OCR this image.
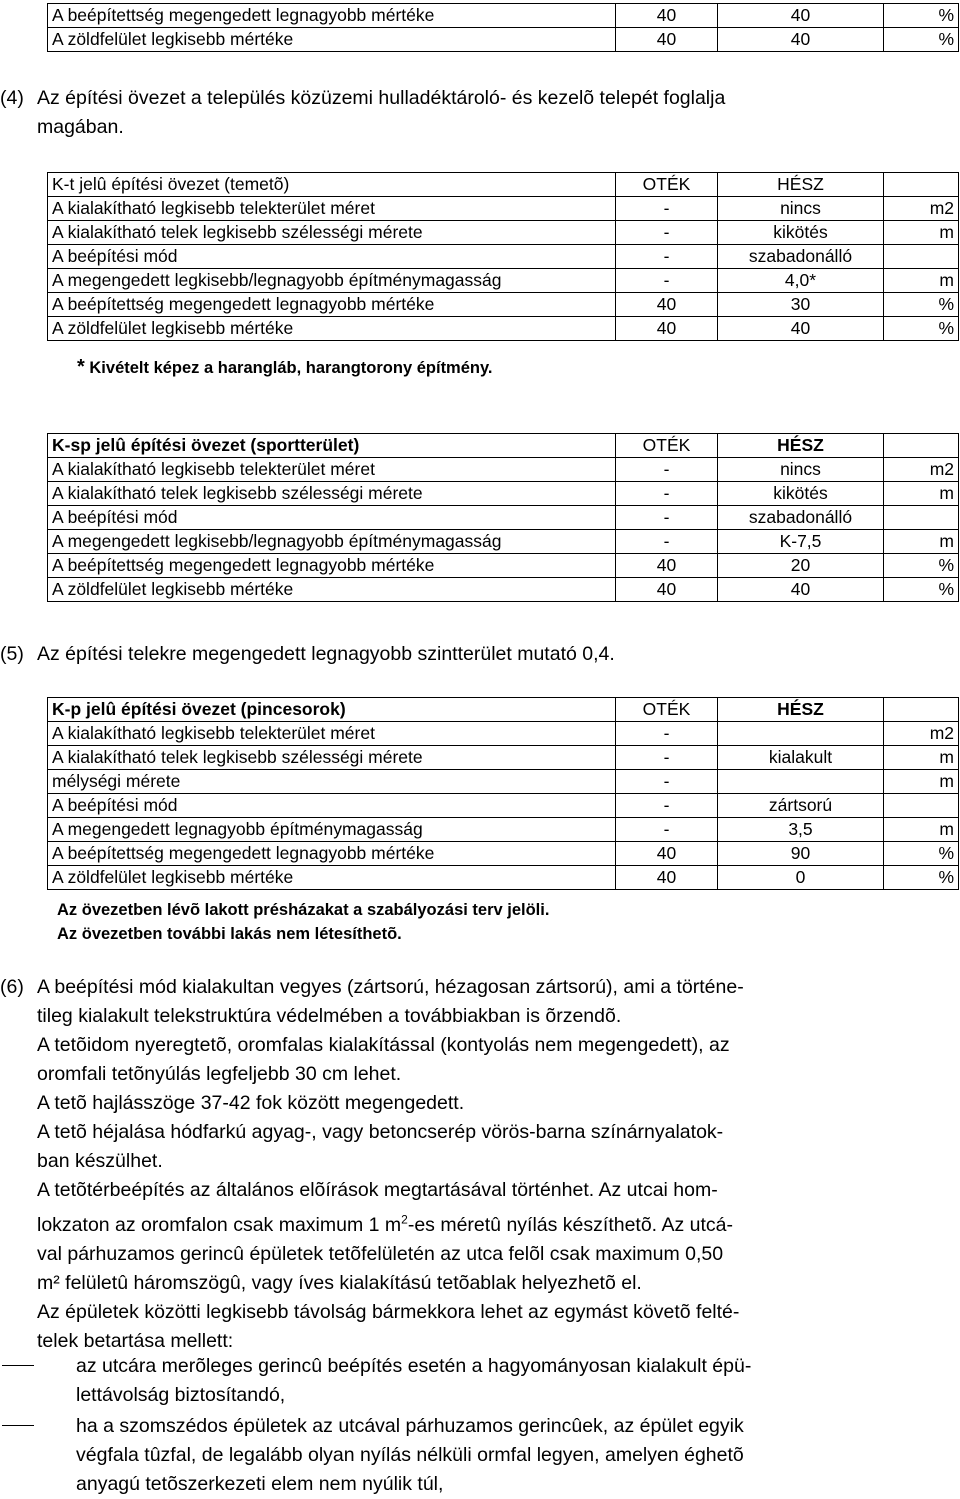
A beépítettség megengedett legnagyobb mértéke	40	40	%
A zöldfelület legkisebb mértéke	40	40	%
(4) Az építési övezet a település közüzemi hulladéktároló- és kezelõ telepét foglalja
magában.
K-t jelû építési övezet (temetõ)	OTÉK	HÉSZ	
A kialakítható legkisebb telekterület méret	-	nincs	m2
A kialakítható telek legkisebb szélességi mérete	-	kikötés	m
A beépítési mód	-	szabadonálló	
A megengedett legkisebb/legnagyobb építménymagasság	-	4,0*	m
A beépítettség megengedett legnagyobb mértéke	40	30	%
A zöldfelület legkisebb mértéke	40	40	%

* Kivételt képez a harangláb, harangtorony építmény.

K-sp jelû építési övezet (sportterület)	OTÉK	HÉSZ	
A kialakítható legkisebb telekterület méret	-	nincs	m2
A kialakítható telek legkisebb szélességi mérete	-	kikötés	m
A beépítési mód	-	szabadonálló	
A megengedett legkisebb/legnagyobb építménymagasság	-	K-7,5	m
A beépítettség megengedett legnagyobb mértéke	40	20	%
A zöldfelület legkisebb mértéke	40	40	%
(5) Az építési telekre megengedett legnagyobb szintterület mutató 0,4.
K-p jelû építési övezet (pincesorok)	OTÉK	HÉSZ	
A kialakítható legkisebb telekterület méret	-		m2
A kialakítható telek legkisebb szélességi mérete	-	kialakult	m
mélységi mérete	-		m
A beépítési mód	-	zártsorú	
A megengedett legnagyobb építménymagasság	-	3,5	m
A beépítettség megengedett legnagyobb mértéke	40	90	%
A zöldfelület legkisebb mértéke	40	0	%

Az övezetben lévõ lakott présházakat a szabályozási terv jelöli.

Az övezetben további lakás nem létesíthetõ.

(6) A beépítési mód kialakultan vegyes (zártsorú, hézagosan zártsorú), ami a történe-
tileg kialakult telekstruktúra védelmében a továbbiakban is õrzendõ.
A tetõidom nyeregtetõ, oromfalas kialakítással (kontyolás nem megengedett), az
oromfali tetõnyúlás legfeljebb 30 cm lehet.
A tetõ hajlásszöge 37-42 fok között megengedett.
A tetõ héjalása hódfarkú agyag-, vagy betoncserép vörös-barna színárnyalatok-
ban készülhet.
A tetõtérbeépítés az általános elõírások megtartásával történhet. Az utcai hom-
lokzaton az oromfalon csak maximum 1 $m^2-es$ méretû nyílás készíthetõ. Az utcá-
val párhuzamos gerincû épületek tetõfelületén az utca felõl csak maximum 0,50
m² felületû háromszögû, vagy íves kialakítású tetõablak helyezhetõ el.
Az épületek közötti legkisebb távolság bármekkora lehet az egymást követõ felté-
telek betartása mellett:
az utcára merõleges gerincû beépítés esetén a hagyományosan kialakult épü-
lettávolság biztosítandó,
ha a szomszédos épületek az utcával párhuzamos gerincûek, az épület egyik
végfala tûzfal, de legalább olyan nyílás nélküli ormfal legyen, amelyen éghetõ
anyagú tetõszerkezeti elem nem nyúlik túl,
